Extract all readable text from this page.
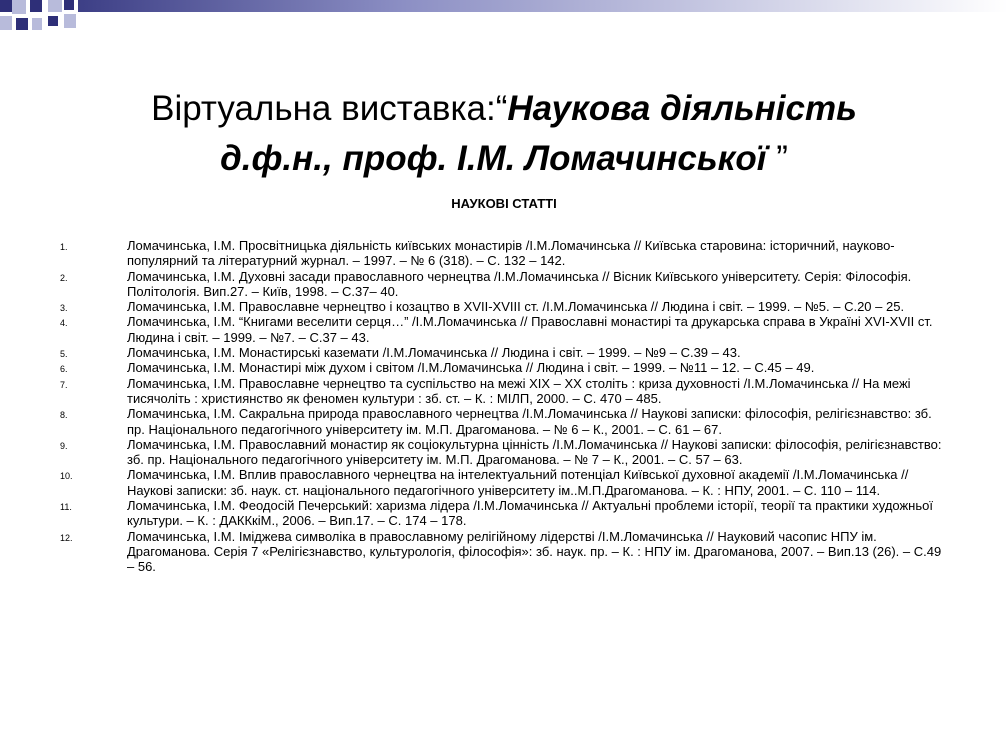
Віртуальна виставка:“Наукова діяльність
д.ф.н., проф. І.М. Ломачинської ”
НАУКОВІ СТАТТІ
1.	Ломачинська, І.М. Просвітницька діяльність київських монастирів /І.М.Ломачинська // Київська старовина: історичний, науково-популярний та літературний журнал. – 1997. – № 6 (318). – С. 132 – 142.
2.	Ломачинська, І.М. Духовні засади православного чернецтва /І.М.Ломачинська // Вісник Київського університету. Серія: Філософія. Політологія. Вип.27. – Київ, 1998. – С.37– 40.
3.	Ломачинська, І.М. Православне чернецтво і козацтво в XVII-XVIII ст. /І.М.Ломачинська // Людина і світ. – 1999. – №5. – С.20 – 25.
4.	Ломачинська, І.М. “Книгами веселити серця…” /І.М.Ломачинська // Православні монастирі та друкарська справа в Україні XVI-XVII ст. Людина і світ. – 1999. – №7. – С.37 – 43.
5.	Ломачинська, І.М. Монастирські каземати /І.М.Ломачинська // Людина і світ. – 1999. – №9 – С.39 – 43.
6.	Ломачинська, І.М. Монастирі між духом і світом /І.М.Ломачинська // Людина і світ. – 1999. – №11 – 12. – С.45 – 49.
7.	Ломачинська, І.М. Православне чернецтво та суспільство на межі ХІХ – ХХ століть : криза духовності /І.М.Ломачинська // На межі тисячоліть : християнство як феномен культури : зб. ст. – К. : МІЛП, 2000. – С. 470 – 485.
8.	Ломачинська, І.М. Сакральна природа православного чернецтва /І.М.Ломачинська // Наукові записки: філософія, релігієзнавство: зб. пр. Національного педагогічного університету ім. М.П. Драгоманова. – № 6 – К., 2001. – С. 61 – 67.
9.	Ломачинська, І.М. Православний монастир як соціокультурна цінність /І.М.Ломачинська // Наукові записки: філософія, релігієзнавство: зб. пр. Національного педагогічного університету ім. М.П. Драгоманова. – № 7 – К., 2001. – С. 57 – 63.
10.	Ломачинська, І.М. Вплив православного чернецтва на інтелектуальний потенціал Київської духовної академії /І.М.Ломачинська // Наукові записки: зб. наук. ст. національного педагогічного університету ім..М.П.Драгоманова. – К. : НПУ, 2001. – С. 110 – 114.
11.	Ломачинська, І.М. Феодосій Печерський: харизма лідера /І.М.Ломачинська // Актуальні проблеми історії, теорії та практики художньої культури. – К. : ДАККкіМ., 2006. – Вип.17. – С. 174 – 178.
12.	Ломачинська, І.М. Іміджева символіка в православному релігійному лідерстві /І.М.Ломачинська // Науковий часопис НПУ ім. Драгоманова. Серія 7 «Релігієзнавство, культурологія, філософія»: зб. наук. пр. – К. : НПУ ім. Драгоманова, 2007. – Вип.13 (26). – С.49 – 56.
